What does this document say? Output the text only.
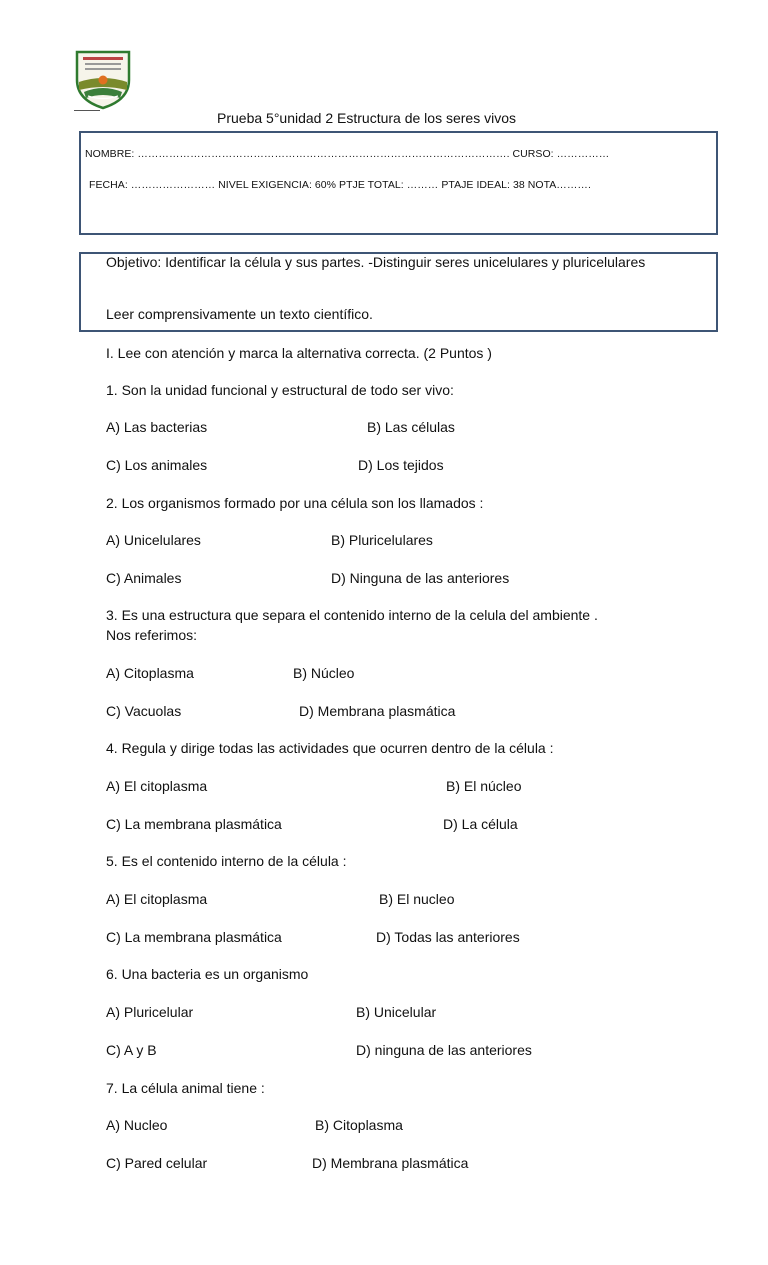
Prueba 5°unidad 2 Estructura de los seres vivos
NOMBRE: ……………………………………………………………………………………………. CURSO: ……………
FECHA: …………………… NIVEL EXIGENCIA: 60% PTJE TOTAL: ……… PTAJE IDEAL: 38 NOTA……….
Objetivo: Identificar la célula y sus partes. -Distinguir seres unicelulares y pluricelulares
Leer comprensivamente un texto científico.
I. Lee con atención y marca la alternativa correcta. (2 Puntos )
1. Son la unidad funcional y estructural de todo ser vivo:
A) Las bacterias	B) Las células
C) Los animales	D) Los tejidos
2. Los organismos formado por una célula son los llamados :
A) Unicelulares	B) Pluricelulares
C) Animales	D) Ninguna de las anteriores
3. Es una estructura que separa el contenido interno de la celula del ambiente .
Nos referimos:
A) Citoplasma	B) Núcleo
C) Vacuolas	D) Membrana plasmática
4. Regula y dirige todas las actividades que ocurren dentro de la célula :
A) El citoplasma	B) El núcleo
C) La membrana plasmática	D) La célula
5. Es el contenido interno de la célula :
A) El citoplasma	B) El nucleo
C) La membrana plasmática	D) Todas las anteriores
6. Una bacteria es un organismo
A) Pluricelular	B) Unicelular
C) A y B	D) ninguna de las anteriores
7. La célula animal tiene :
A) Nucleo	B) Citoplasma
C) Pared celular	D) Membrana plasmática
